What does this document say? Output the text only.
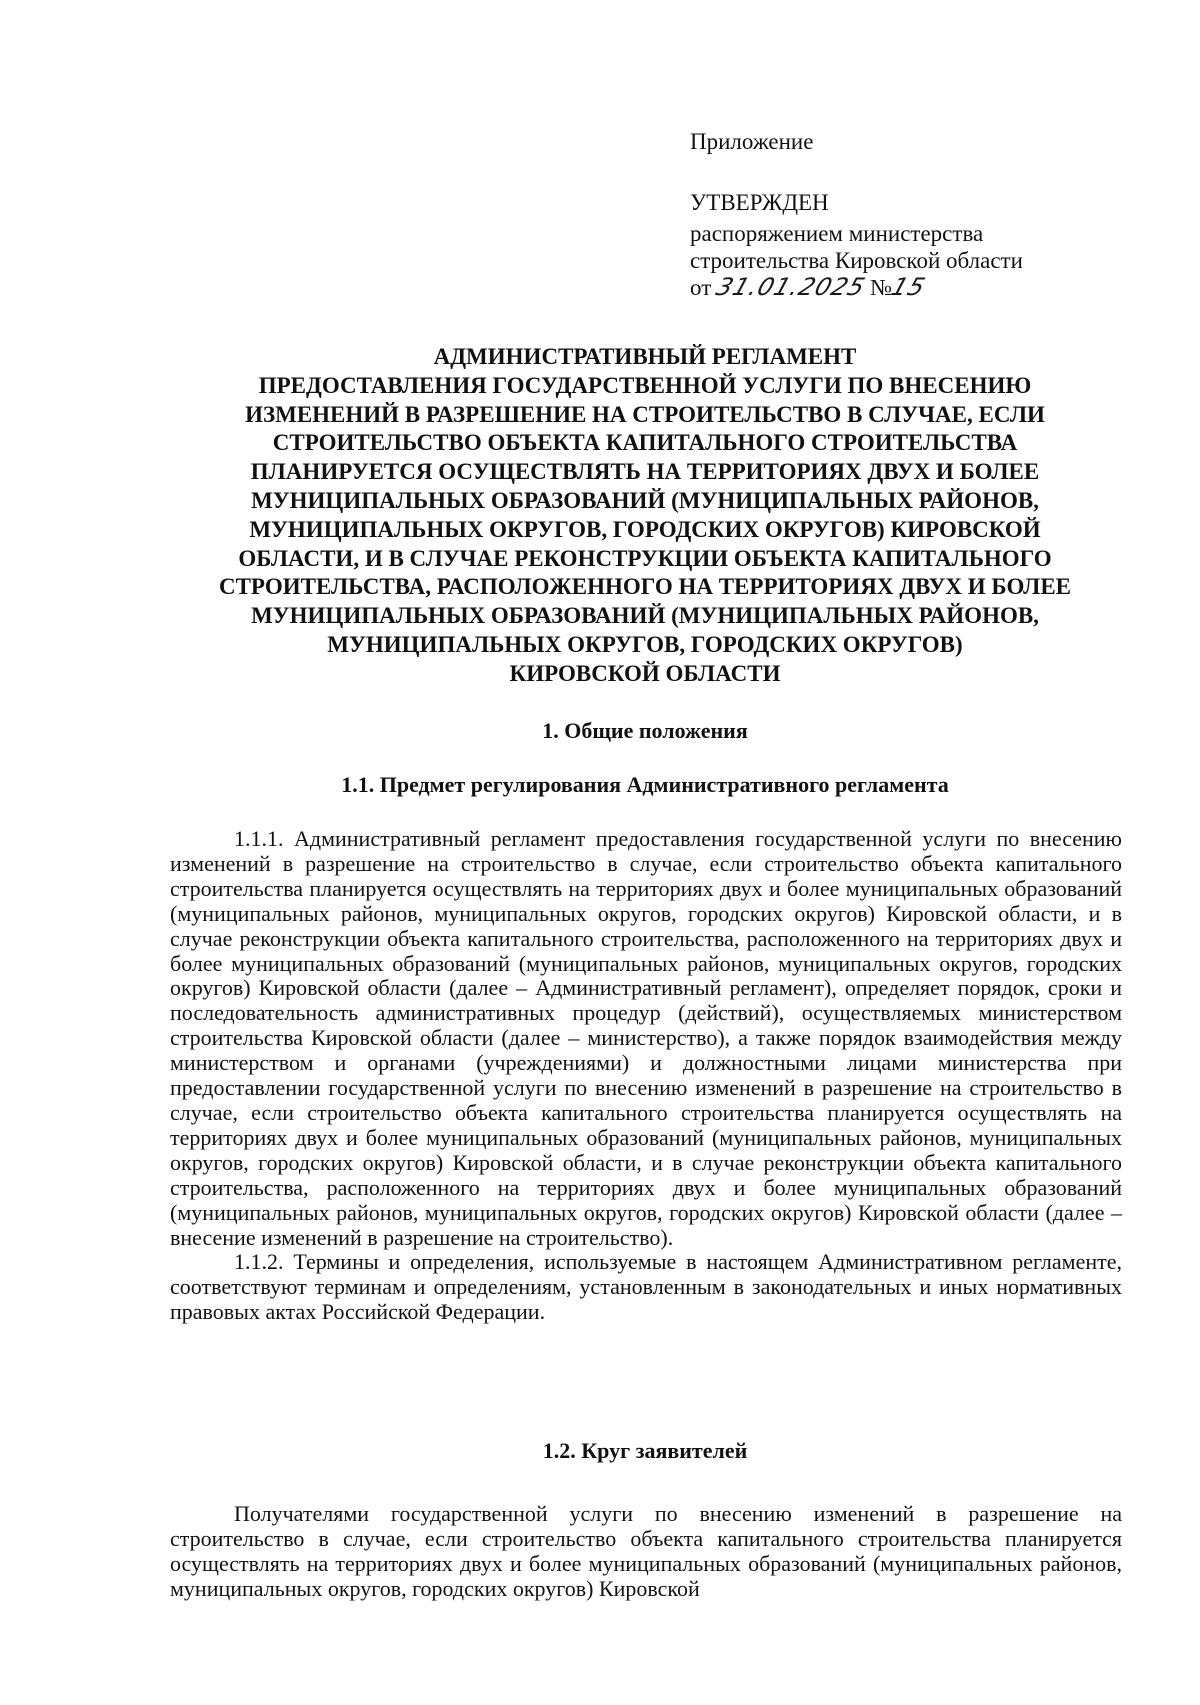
Приложение
УТВЕРЖДЕН
распоряжением министерства
строительства Кировской области
от 31.01.2025 №15
АДМИНИСТРАТИВНЫЙ РЕГЛАМЕНТ
ПРЕДОСТАВЛЕНИЯ ГОСУДАРСТВЕННОЙ УСЛУГИ ПО ВНЕСЕНИЮ
ИЗМЕНЕНИЙ В РАЗРЕШЕНИЕ НА СТРОИТЕЛЬСТВО В СЛУЧАЕ, ЕСЛИ
СТРОИТЕЛЬСТВО ОБЪЕКТА КАПИТАЛЬНОГО СТРОИТЕЛЬСТВА
ПЛАНИРУЕТСЯ ОСУЩЕСТВЛЯТЬ НА ТЕРРИТОРИЯХ ДВУХ И БОЛЕЕ
МУНИЦИПАЛЬНЫХ ОБРАЗОВАНИЙ (МУНИЦИПАЛЬНЫХ РАЙОНОВ,
МУНИЦИПАЛЬНЫХ ОКРУГОВ, ГОРОДСКИХ ОКРУГОВ) КИРОВСКОЙ
ОБЛАСТИ, И В СЛУЧАЕ РЕКОНСТРУКЦИИ ОБЪЕКТА КАПИТАЛЬНОГО
СТРОИТЕЛЬСТВА, РАСПОЛОЖЕННОГО НА ТЕРРИТОРИЯХ ДВУХ И БОЛЕЕ
МУНИЦИПАЛЬНЫХ ОБРАЗОВАНИЙ (МУНИЦИПАЛЬНЫХ РАЙОНОВ,
МУНИЦИПАЛЬНЫХ ОКРУГОВ, ГОРОДСКИХ ОКРУГОВ)
КИРОВСКОЙ ОБЛАСТИ
1. Общие положения
1.1. Предмет регулирования Административного регламента

1.1.1. Административный регламент предоставления государственной услуги по внесению изменений в разрешение на строительство в случае, если строительство объекта капитального строительства планируется осуществлять на территориях двух и более муниципальных образований (муниципальных районов, муниципальных округов, городских округов) Кировской области, и в случае реконструкции объекта капитального строительства, расположенного на территориях двух и более муниципальных образований (муниципальных районов, муниципальных округов, городских округов) Кировской области (далее – Административный регламент), определяет порядок, сроки и последовательность административных процедур (действий), осуществляемых министерством строительства Кировской области (далее – министерство), а также порядок взаимодействия между министерством и органами (учреждениями) и должностными лицами министерства при предоставлении государственной услуги по внесению изменений в разрешение на строительство в случае, если строительство объекта капитального строительства планируется осуществлять на территориях двух и более муниципальных образований (муниципальных районов, муниципальных округов, городских округов) Кировской области, и в случае реконструкции объекта капитального строительства, расположенного на территориях двух и более муниципальных образований (муниципальных районов, муниципальных округов, городских округов) Кировской области (далее – внесение изменений в разрешение на строительство).

1.1.2. Термины и определения, используемые в настоящем Административном регламенте, соответствуют терминам и определениям, установленным в законодательных и иных нормативных правовых актах Российской Федерации.

1.2. Круг заявителей

Получателями государственной услуги по внесению изменений в разрешение на строительство в случае, если строительство объекта капитального строительства планируется осуществлять на территориях двух и более муниципальных образований (муниципальных районов, муниципальных округов, городских округов) Кировской
